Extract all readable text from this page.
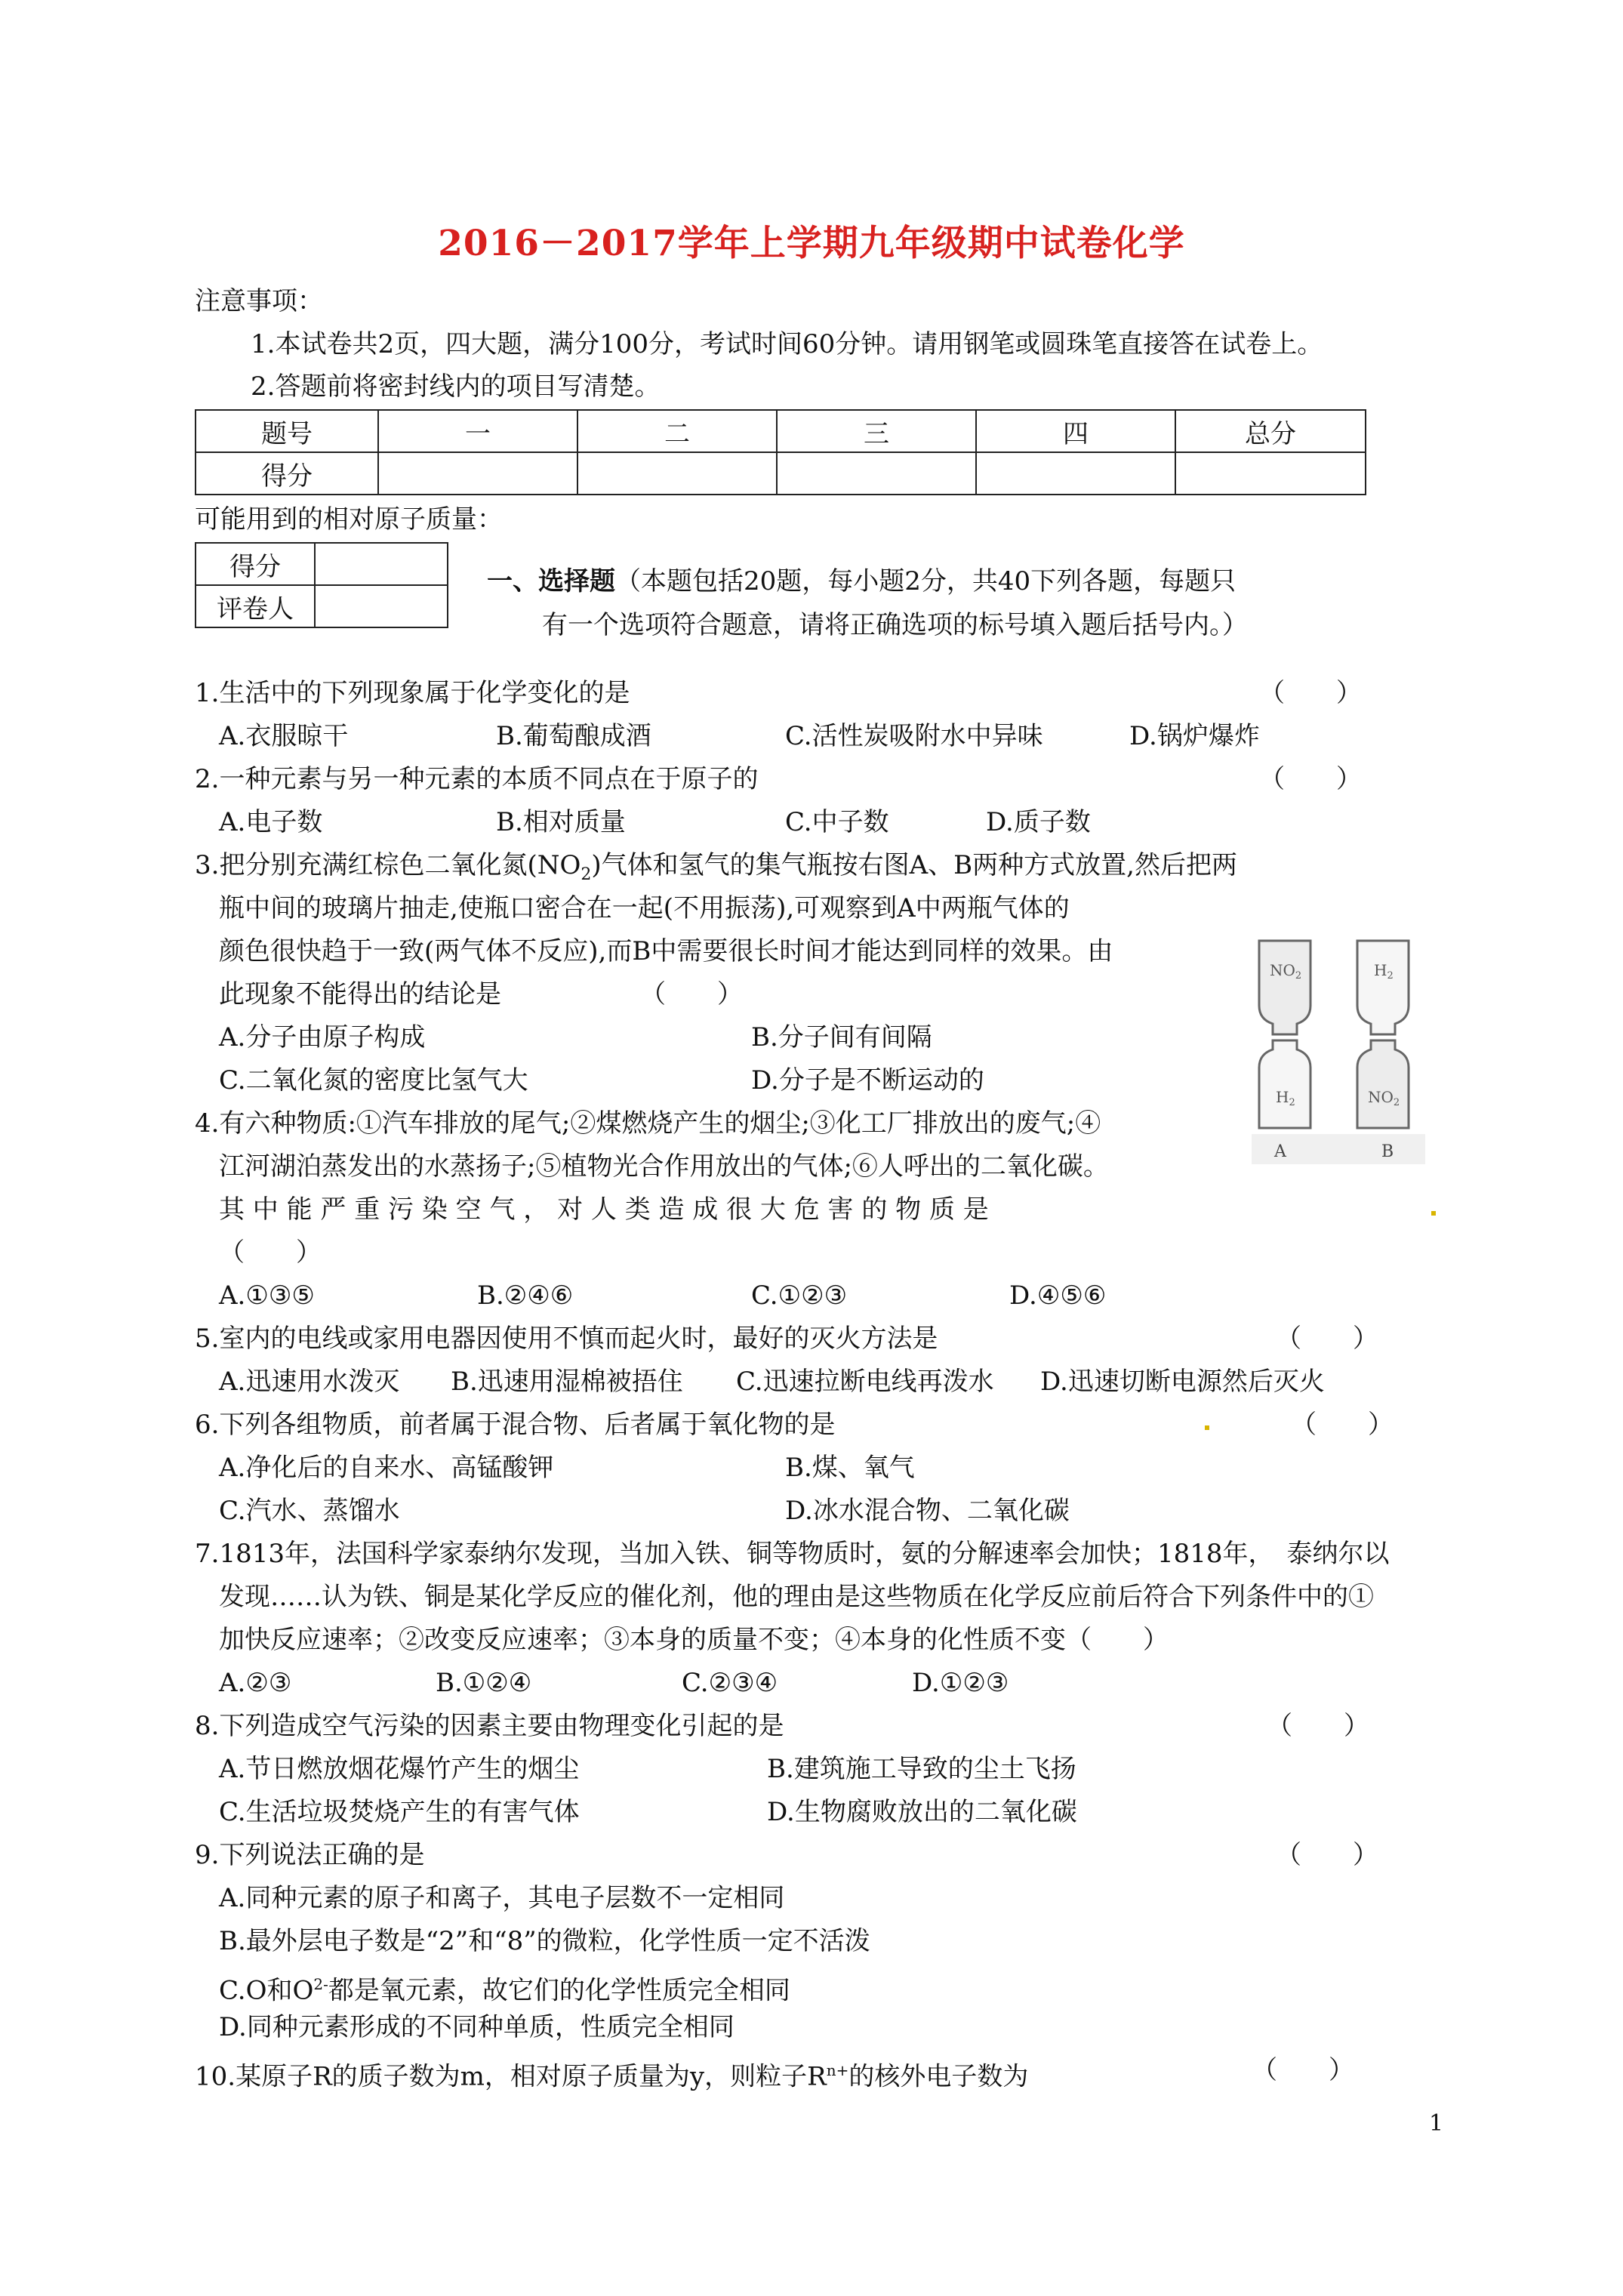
2016－2017学年上学期九年级期中试卷化学
注意事项：
1.本试卷共2页，四大题，满分100分，考试时间60分钟。请用钢笔或圆珠笔直接答在试卷上。
2.答题前将密封线内的项目写清楚。
题号	一	二	三	四	总分
得分					
可能用到的相对原子质量：
得分	
评卷人	
一、选择题（本题包括20题，每小题2分，共40下列各题，每题只
有一个选项符合题意，请将正确选项的标号填入题后括号内。）
1.生活中的下列现象属于化学变化的是	（　　）
A.衣服晾干	B.葡萄酿成酒	C.活性炭吸附水中异味	D.锅炉爆炸
2.一种元素与另一种元素的本质不同点在于原子的	（　　）
A.电子数	B.相对质量	C.中子数	D.质子数
3.把分别充满红棕色二氧化氮$(NO_2)$气体和氢气的集气瓶按右图A、B两种方式放置,然后把两
瓶中间的玻璃片抽走,使瓶口密合在一起(不用振荡),可观察到A中两瓶气体的
颜色很快趋于一致(两气体不反应),而B中需要很长时间才能达到同样的效果。由
此现象不能得出的结论是	（　　）
A.分子由原子构成	B.分子间有间隔
C.二氧化氮的密度比氢气大	D.分子是不断运动的
$NO_2$
$H_2$
$H_2$
$NO_2$
A	B
4.有六种物质:①汽车排放的尾气;②煤燃烧产生的烟尘;③化工厂排放出的废气;④
江河湖泊蒸发出的水蒸扬子;⑤植物光合作用放出的气体;⑥人呼出的二氧化碳。
其 中 能 严 重 污 染 空 气 ， 对 人 类 造 成 很 大 危 害 的 物 质 是
（　　）
A.①③⑤	B.②④⑥	C.①②③	D.④⑤⑥
5.室内的电线或家用电器因使用不慎而起火时，最好的灭火方法是	（　　）
A.迅速用水泼灭 B.迅速用湿棉被捂住 C.迅速拉断电线再泼水 D.迅速切断电源然后灭火
6.下列各组物质，前者属于混合物、后者属于氧化物的是	（　　）
A.净化后的自来水、高锰酸钾	B.煤、氧气
C.汽水、蒸馏水	D.冰水混合物、二氧化碳
7.1813年，法国科学家泰纳尔发现，当加入铁、铜等物质时，氨的分解速率会加快；1818年，　泰纳尔以
发现……认为铁、铜是某化学反应的催化剂，他的理由是这些物质在化学反应前后符合下列条件中的①
加快反应速率；②改变反应速率；③本身的质量不变；④本身的化性质不变（　　）
A.②③	B.①②④	C.②③④	D.①②③
8.下列造成空气污染的因素主要由物理变化引起的是	（　　）
A.节日燃放烟花爆竹产生的烟尘	B.建筑施工导致的尘土飞扬
C.生活垃圾焚烧产生的有害气体	D.生物腐败放出的二氧化碳
9.下列说法正确的是	（　　）
A.同种元素的原子和离子，其电子层数不一定相同
B.最外层电子数是“2”和“8”的微粒，化学性质一定不活泼
C.O和$O^{2-}$都是氧元素，故它们的化学性质完全相同
D.同种元素形成的不同种单质，性质完全相同
10.某原子R的质子数为m，相对原子质量为y，则粒子$R^{n+}$的核外电子数为	（　　）
1
